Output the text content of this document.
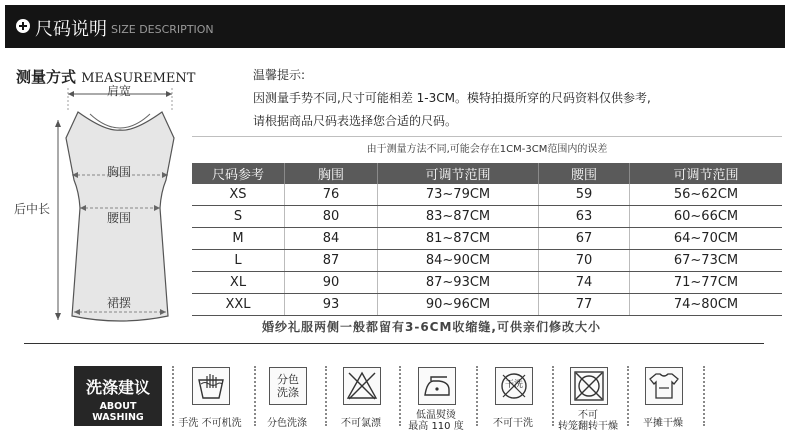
尺码说明 SIZE DESCRIPTION
测量方式 MEASUREMENT
肩宽
胸围
腰围
后中长
裙摆
温馨提示:
因测量手势不同,尺寸可能相差 1-3CM。模特拍摄所穿的尺码资料仅供参考,
请根据商品尺码表选择您合适的尺码。
由于测量方法不同,可能会存在1CM-3CM范围内的误差
尺码参考	胸围	可调节范围	腰围	可调节范围
XS	76	73~79CM	59	56~62CM
S	80	83~87CM	63	60~66CM
M	84	81~87CM	67	64~70CM
L	87	84~90CM	70	67~73CM
XL	90	87~93CM	74	71~77CM
XXL	93	90~96CM	77	74~80CM
婚纱礼服两侧一般都留有3-6CM收缩缝,可供亲们修改大小
洗涤建议
ABOUT WASHING
手洗 不可机洗
分色
洗涤
分色洗涤	不可氯漂
低温熨烫
最高 110 度
干洗
不可干洗
不可
转笼翻转干燥	平摊干燥
